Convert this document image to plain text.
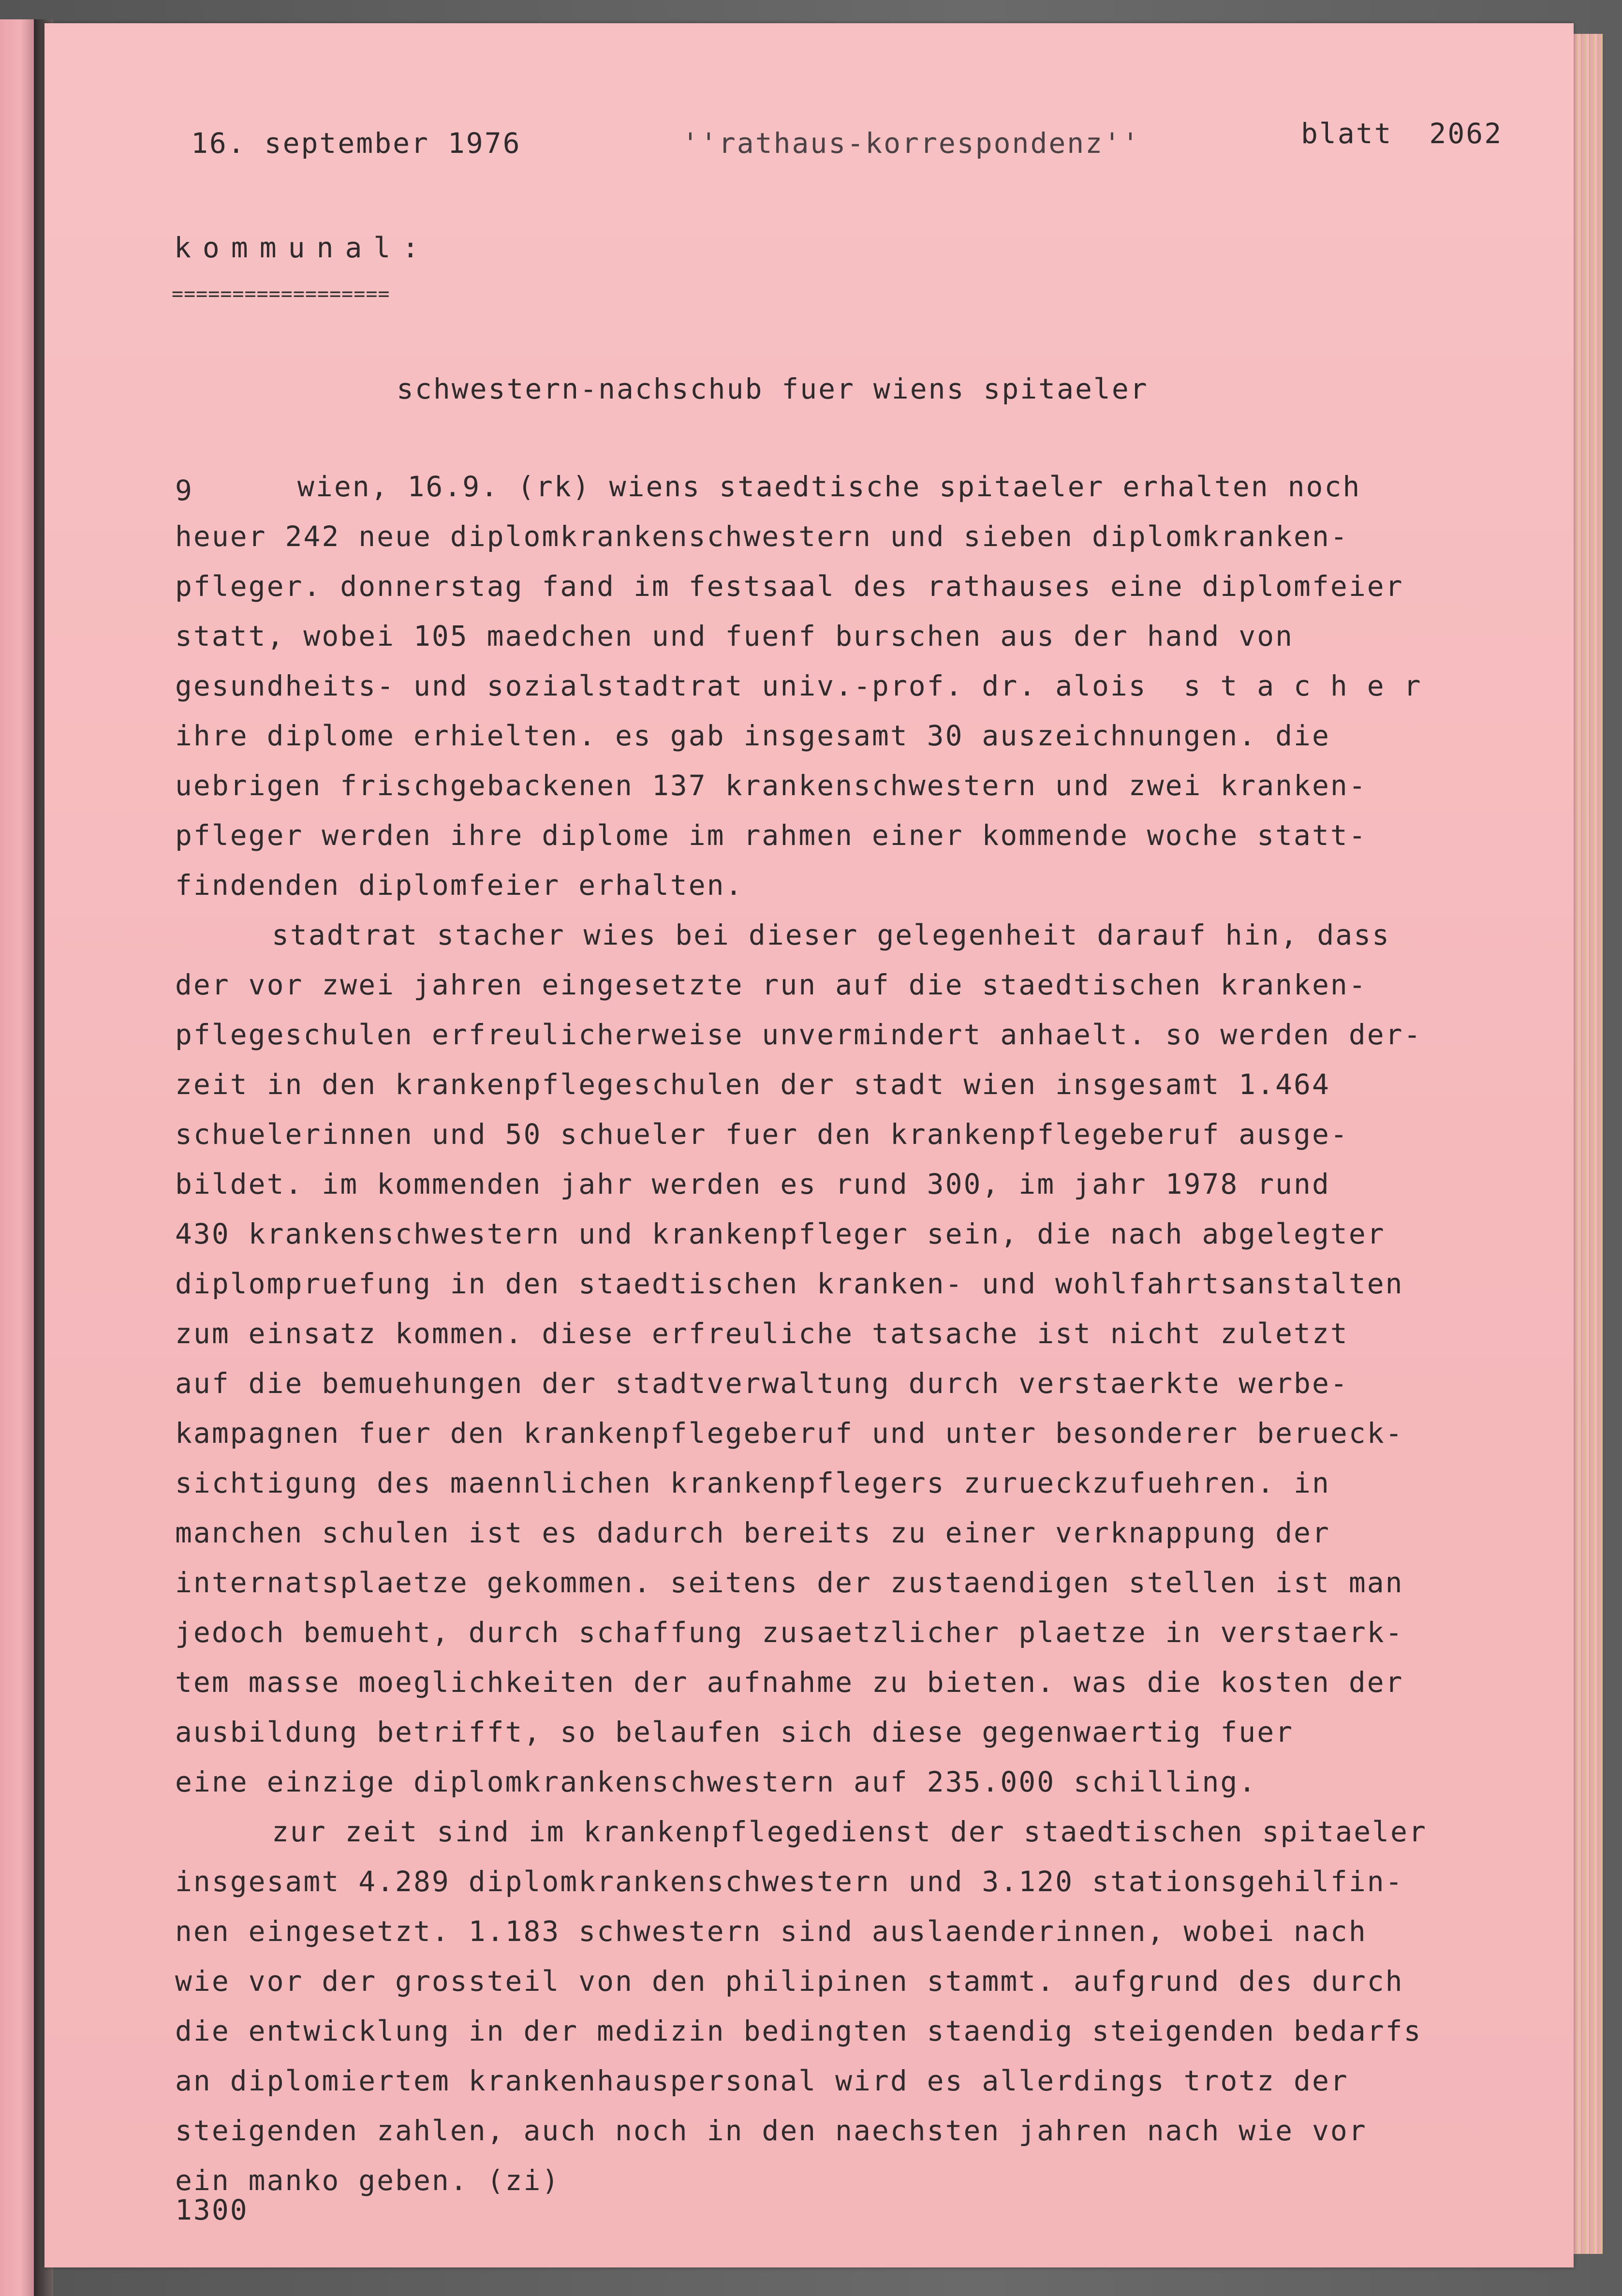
16. september 1976	''rathaus-korrespondenz''	blatt  2062
kommunal:
==================
schwestern-nachschub fuer wiens spitaeler
9	wien, 16.9. (rk) wiens staedtische spitaeler erhalten noch
heuer 242 neue diplomkrankenschwestern und sieben diplomkranken-
pfleger. donnerstag fand im festsaal des rathauses eine diplomfeier
statt, wobei 105 maedchen und fuenf burschen aus der hand von
gesundheits- und sozialstadtrat univ.-prof. dr. alois  s t a c h e r
ihre diplome erhielten. es gab insgesamt 30 auszeichnungen. die
uebrigen frischgebackenen 137 krankenschwestern und zwei kranken-
pfleger werden ihre diplome im rahmen einer kommende woche statt-
findenden diplomfeier erhalten.
stadtrat stacher wies bei dieser gelegenheit darauf hin, dass
der vor zwei jahren eingesetzte run auf die staedtischen kranken-
pflegeschulen erfreulicherweise unvermindert anhaelt. so werden der-
zeit in den krankenpflegeschulen der stadt wien insgesamt 1.464
schuelerinnen und 50 schueler fuer den krankenpflegeberuf ausge-
bildet. im kommenden jahr werden es rund 300, im jahr 1978 rund
430 krankenschwestern und krankenpfleger sein, die nach abgelegter
diplompruefung in den staedtischen kranken- und wohlfahrtsanstalten
zum einsatz kommen. diese erfreuliche tatsache ist nicht zuletzt
auf die bemuehungen der stadtverwaltung durch verstaerkte werbe-
kampagnen fuer den krankenpflegeberuf und unter besonderer berueck-
sichtigung des maennlichen krankenpflegers zurueckzufuehren. in
manchen schulen ist es dadurch bereits zu einer verknappung der
internatsplaetze gekommen. seitens der zustaendigen stellen ist man
jedoch bemueht, durch schaffung zusaetzlicher plaetze in verstaerk-
tem masse moeglichkeiten der aufnahme zu bieten. was die kosten der
ausbildung betrifft, so belaufen sich diese gegenwaertig fuer
eine einzige diplomkrankenschwestern auf 235.000 schilling.
zur zeit sind im krankenpflegedienst der staedtischen spitaeler
insgesamt 4.289 diplomkrankenschwestern und 3.120 stationsgehilfin-
nen eingesetzt. 1.183 schwestern sind auslaenderinnen, wobei nach
wie vor der grossteil von den philipinen stammt. aufgrund des durch
die entwicklung in der medizin bedingten staendig steigenden bedarfs
an diplomiertem krankenhauspersonal wird es allerdings trotz der
steigenden zahlen, auch noch in den naechsten jahren nach wie vor
ein manko geben. (zi)
1300
